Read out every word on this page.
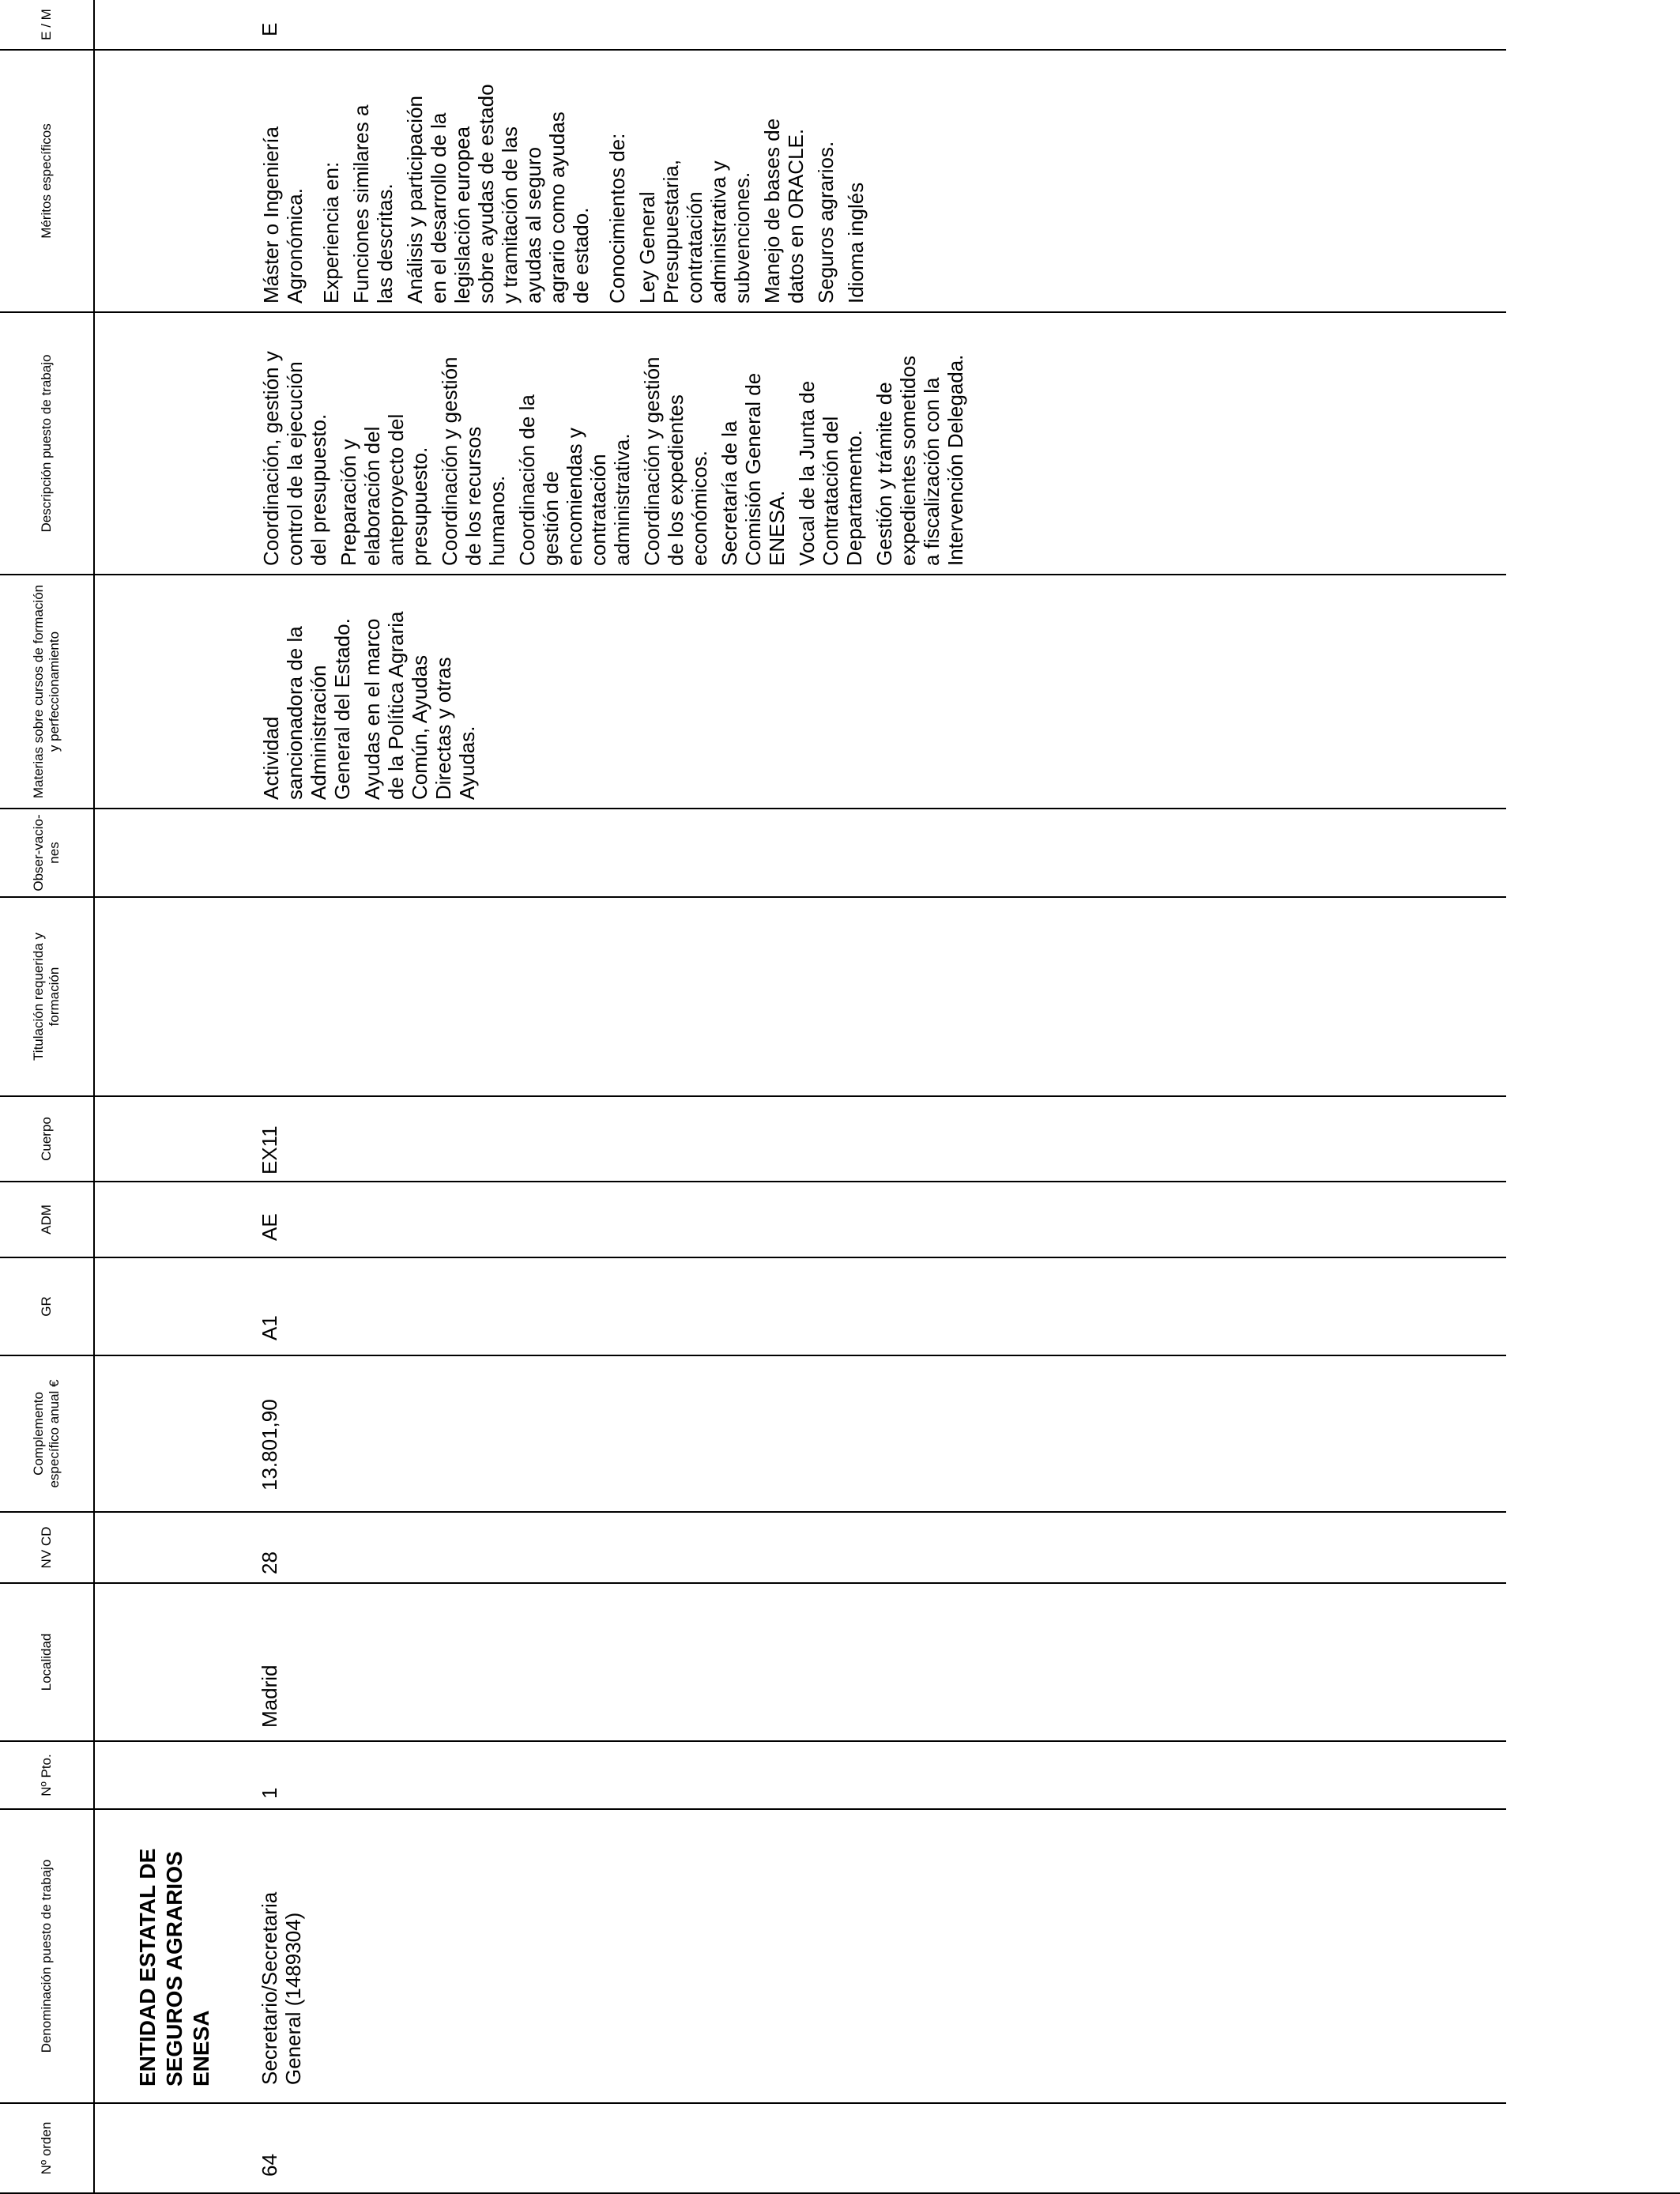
Nº orden
Denominación puesto de trabajo
Nº Pto.
Localidad
NV CD
Complemento específico anual €
GR
ADM
Cuerpo
Titulación requerida y formación
Obser-vacio-nes
Materias sobre cursos de formación y perfeccionamiento
Descripción puesto de trabajo
Méritos específicos
E / M
ENTIDAD ESTATAL DE SEGUROS AGRARIOS ENESA
64
Secretario/Secretaria General (1489304)
1
Madrid
28
13.801,90
A1
AE
EX11
Actividad sancionadora de la Administración General del Estado. Ayudas en el marco de la Política Agraria Común, Ayudas Directas y otras Ayudas.
Coordinación, gestión y control de la ejecución del presupuesto. Preparación y elaboración del anteproyecto del presupuesto. Coordinación y gestión de los recursos humanos. Coordinación de la gestión de encomiendas y contratación administrativa. Coordinación y gestión de los expedientes económicos. Secretaría de la Comisión General de ENESA. Vocal de la Junta de Contratación del Departamento. Gestión y trámite de expedientes sometidos a fiscalización con la Intervención Delegada.
Máster o Ingeniería Agronómica. Experiencia en: Funciones similares a las descritas. Análisis y participación en el desarrollo de la legislación europea sobre ayudas de estado y tramitación de las ayudas al seguro agrario como ayudas de estado. Conocimientos de: Ley General Presupuestaria, contratación administrativa y subvenciones. Manejo de bases de datos en ORACLE. Seguros agrarios. Idioma inglés
E
